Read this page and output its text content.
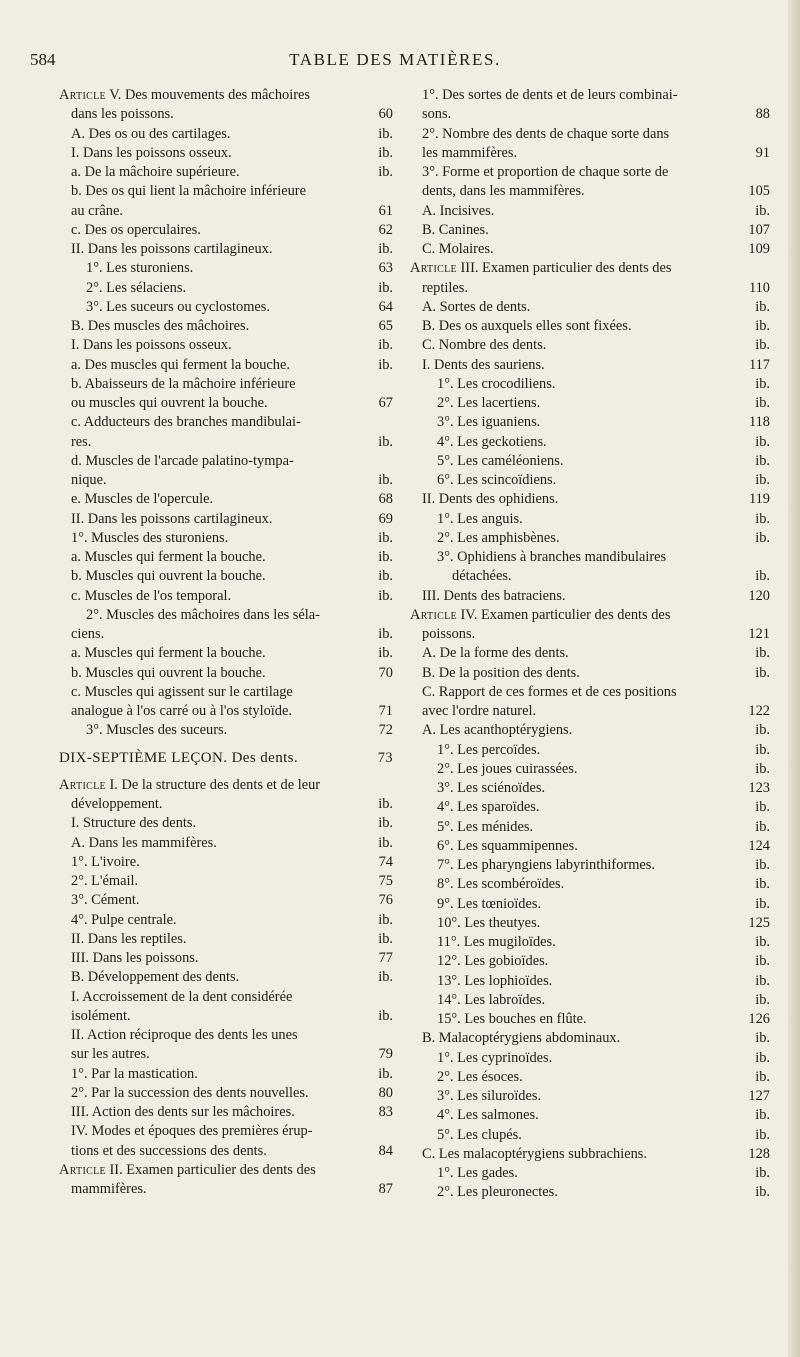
584	TABLE DES MATIÈRES.
Article V. Des mouvements des mâchoires
dans les poissons.	60
A. Des os ou des cartilages.	ib.
I. Dans les poissons osseux.	ib.
a. De la mâchoire supérieure.	ib.
b. Des os qui lient la mâchoire inférieure
au crâne.	61
c. Des os operculaires.	62
II. Dans les poissons cartilagineux.	ib.
1°. Les sturoniens.	63
2°. Les sélaciens.	ib.
3°. Les suceurs ou cyclostomes.	64
B. Des muscles des mâchoires.	65
I. Dans les poissons osseux.	ib.
a. Des muscles qui ferment la bouche.	ib.
b. Abaisseurs de la mâchoire inférieure
ou muscles qui ouvrent la bouche.	67
c. Adducteurs des branches mandibulai-
res.	ib.
d. Muscles de l'arcade palatino-tympa-
nique.	ib.
e. Muscles de l'opercule.	68
II. Dans les poissons cartilagineux.	69
1°. Muscles des sturoniens.	ib.
a. Muscles qui ferment la bouche.	ib.
b. Muscles qui ouvrent la bouche.	ib.
c. Muscles de l'os temporal.	ib.
2°. Muscles des mâchoires dans les séla-
ciens.	ib.
a. Muscles qui ferment la bouche.	ib.
b. Muscles qui ouvrent la bouche.	70
c. Muscles qui agissent sur le cartilage
analogue à l'os carré ou à l'os styloïde.	71
3°. Muscles des suceurs.	72
DIX-SEPTIÈME LEÇON. Des dents.	73
Article I. De la structure des dents et de leur
développement.	ib.
I. Structure des dents.	ib.
A. Dans les mammifères.	ib.
1°. L'ivoire.	74
2°. L'émail.	75
3°. Cément.	76
4°. Pulpe centrale.	ib.
II. Dans les reptiles.	ib.
III. Dans les poissons.	77
B. Développement des dents.	ib.
I. Accroissement de la dent considérée
isolément.	ib.
II. Action réciproque des dents les unes
sur les autres.	79
1°. Par la mastication.	ib.
2°. Par la succession des dents nouvelles.	80
III. Action des dents sur les mâchoires.	83
IV. Modes et époques des premières érup-
tions et des successions des dents.	84
Article II. Examen particulier des dents des
mammifères.	87
1°. Des sortes de dents et de leurs combinai-
sons.	88
2°. Nombre des dents de chaque sorte dans
les mammifères.	91
3°. Forme et proportion de chaque sorte de
dents, dans les mammifères.	105
A. Incisives.	ib.
B. Canines.	107
C. Molaires.	109
Article III. Examen particulier des dents des
reptiles.	110
A. Sortes de dents.	ib.
B. Des os auxquels elles sont fixées.	ib.
C. Nombre des dents.	ib.
I. Dents des sauriens.	117
1°. Les crocodiliens.	ib.
2°. Les lacertiens.	ib.
3°. Les iguaniens.	118
4°. Les geckotiens.	ib.
5°. Les caméléoniens.	ib.
6°. Les scincoïdiens.	ib.
II. Dents des ophidiens.	119
1°. Les anguis.	ib.
2°. Les amphisbènes.	ib.
3°. Ophidiens à branches mandibulaires
détachées.	ib.
III. Dents des batraciens.	120
Article IV. Examen particulier des dents des
poissons.	121
A. De la forme des dents.	ib.
B. De la position des dents.	ib.
C. Rapport de ces formes et de ces positions
avec l'ordre naturel.	122
A. Les acanthoptérygiens.	ib.
1°. Les percoïdes.	ib.
2°. Les joues cuirassées.	ib.
3°. Les sciénoïdes.	123
4°. Les sparoïdes.	ib.
5°. Les ménides.	ib.
6°. Les squammipennes.	124
7°. Les pharyngiens labyrinthiformes.	ib.
8°. Les scombéroïdes.	ib.
9°. Les tœnioïdes.	ib.
10°. Les theutyes.	125
11°. Les mugiloïdes.	ib.
12°. Les gobioïdes.	ib.
13°. Les lophioïdes.	ib.
14°. Les labroïdes.	ib.
15°. Les bouches en flûte.	126
B. Malacoptérygiens abdominaux.	ib.
1°. Les cyprinoïdes.	ib.
2°. Les ésoces.	ib.
3°. Les siluroïdes.	127
4°. Les salmones.	ib.
5°. Les clupés.	ib.
C. Les malacoptérygiens subbrachiens.	128
1°. Les gades.	ib.
2°. Les pleuronectes.	ib.
